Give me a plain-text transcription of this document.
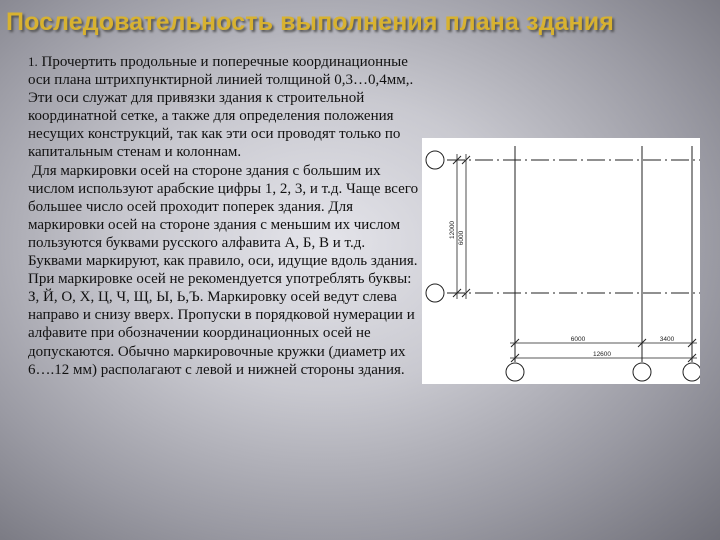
Последовательность выполнения плана здания

1. Прочертить продольные и поперечные координационные оси плана штрихпунктирной линией толщиной 0,3…0,4мм,. Эти оси служат для привязки здания к строительной координатной сетке, а также для определения положения несущих конструкций, так как эти оси проводят только по капитальным стенам и колоннам.

Для маркировки осей на стороне здания с большим их числом используют арабские цифры 1, 2, 3, и т.д. Чаще всего большее число осей проходит поперек здания. Для маркировки осей на стороне здания с меньшим их числом пользуются буквами русского алфавита А, Б, В и т.д. Буквами маркируют, как правило, оси, идущие вдоль здания. При маркировке осей не рекомендуется употреблять буквы: З, Й, О, Х, Ц, Ч, Щ, Ы, Ь,Ъ. Маркировку осей ведут слева направо и снизу вверх. Пропуски в порядковой нумерации и алфавите при обозначении координационных осей не допускаются. Обычно маркировочные кружки (диаметр их 6….12 мм) располагают с левой и нижней стороны здания.

12000 6000
6000	3400
12600
